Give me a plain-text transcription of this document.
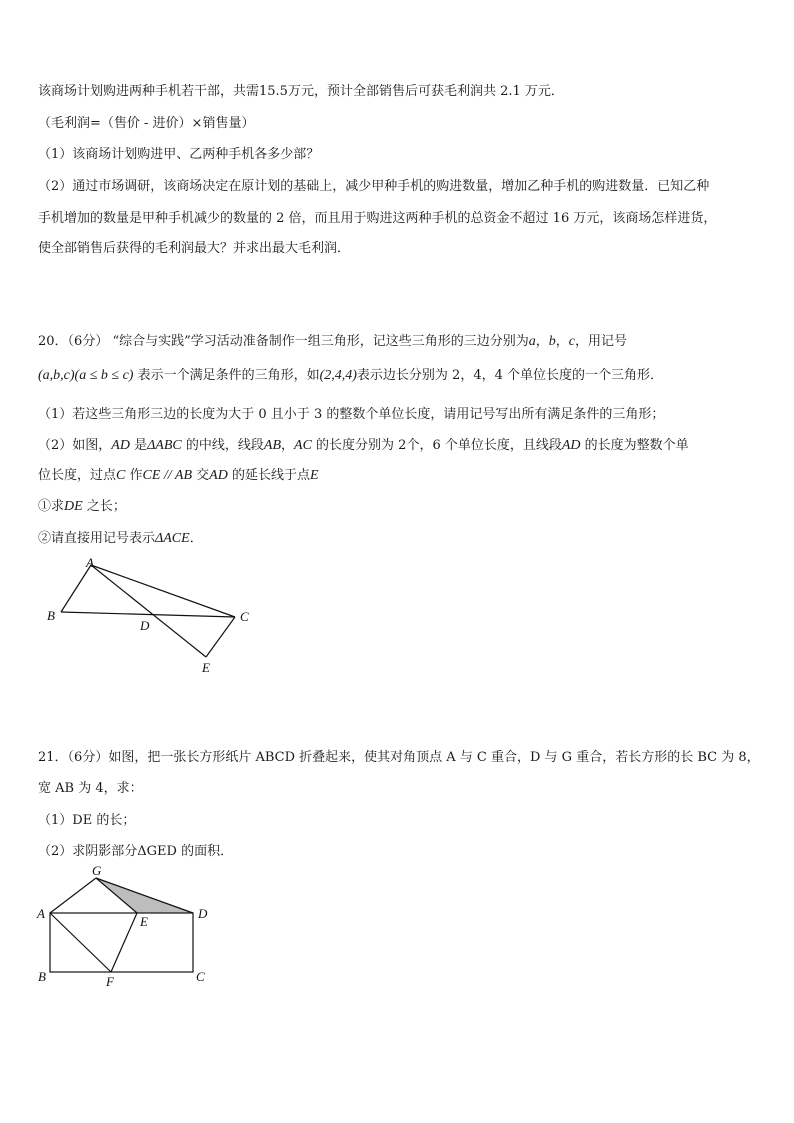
该商场计划购进两种手机若干部，共需15.5万元，预计全部销售后可获毛利润共 2.1 万元．
（毛利润=（售价 - 进价）×销售量）
（1）该商场计划购进甲、乙两种手机各多少部？
（2）通过市场调研，该商场决定在原计划的基础上，减少甲种手机的购进数量，增加乙种手机的购进数量．已知乙种
手机增加的数量是甲种手机减少的数量的 2 倍，而且用于购进这两种手机的总资金不超过 16 万元，该商场怎样进货，
使全部销售后获得的毛利润最大？并求出最大毛利润．
20．（6分） “综合与实践”学习活动准备制作一组三角形，记这些三角形的三边分别为a，b，c，用记号
(a,b,c)(a ≤ b ≤ c) 表示一个满足条件的三角形，如(2,4,4)表示边长分别为 2，4，4 个单位长度的一个三角形．
（1）若这些三角形三边的长度为大于 0 且小于 3 的整数个单位长度，请用记号写出所有满足条件的三角形；
（2）如图，AD 是ΔABC 的中线，线段AB，AC 的长度分别为 2个，6 个单位长度，且线段AD 的长度为整数个单
位长度，过点C 作CE // AB 交AD 的延长线于点E
①求DE 之长；
②请直接用记号表示ΔACE．
A
B
D
C
E
21．（6分）如图，把一张长方形纸片 ABCD 折叠起来，使其对角顶点 A 与 C 重合，D 与 G 重合，若长方形的长 BC 为 8，
宽 AB 为 4，求：
（1）DE 的长；
（2）求阴影部分ΔGED 的面积．
G
A
E
D
B	F	C
